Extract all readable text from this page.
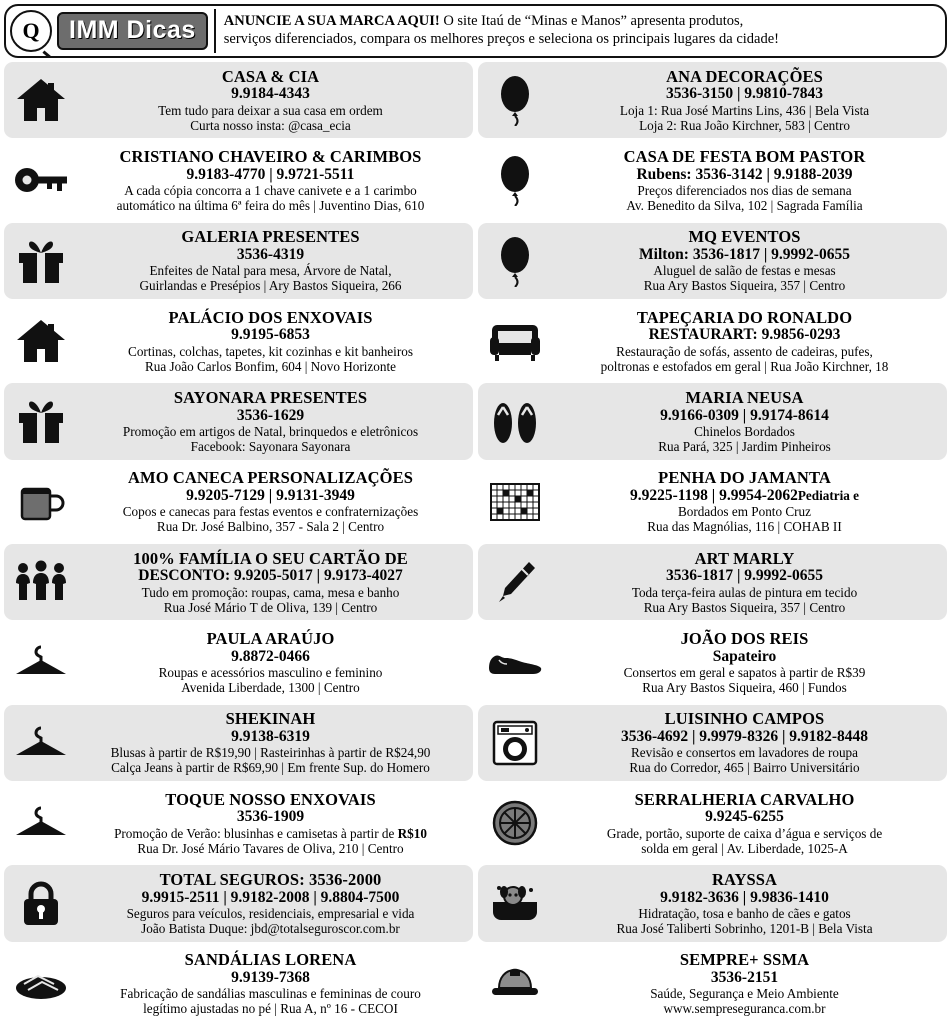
Q	IMM Dicas	ANUNCIE A SUA MARCA AQUI! O site Itaú de “Minas e Manos” apresenta produtos,
serviços diferenciados, compara os melhores preços e seleciona os principais lugares da cidade!
CASA & CIA
9.9184-4343
Tem tudo para deixar a sua casa em ordem
Curta nosso insta: @casa_ecia
ANA DECORAÇÕES
3536-3150 | 9.9810-7843
Loja 1: Rua José Martins Lins, 436 | Bela Vista
Loja 2: Rua João Kirchner, 583 | Centro
CRISTIANO CHAVEIRO & CARIMBOS
9.9183-4770 | 9.9721-5511
A cada cópia concorra a 1 chave canivete e a 1 carimbo
automático na última 6ª feira do mês | Juventino Dias, 610
CASA DE FESTA BOM PASTOR
Rubens: 3536-3142 | 9.9188-2039
Preços diferenciados nos dias de semana
Av. Benedito da Silva, 102 | Sagrada Família
GALERIA PRESENTES
3536-4319
Enfeites de Natal para mesa, Árvore de Natal,
Guirlandas e Presépios | Ary Bastos Siqueira, 266
MQ EVENTOS
Milton: 3536-1817 | 9.9992-0655
Aluguel de salão de festas e mesas
Rua Ary Bastos Siqueira, 357 | Centro
PALÁCIO DOS ENXOVAIS
9.9195-6853
Cortinas, colchas, tapetes, kit cozinhas e kit banheiros
Rua João Carlos Bonfim, 604 | Novo Horizonte
TAPEÇARIA DO RONALDO
RESTAURART: 9.9856-0293
Restauração de sofás, assento de cadeiras, pufes,
poltronas e estofados em geral | Rua João Kirchner, 18
SAYONARA PRESENTES
3536-1629
Promoção em artigos de Natal, brinquedos e eletrônicos
Facebook: Sayonara Sayonara
MARIA NEUSA
9.9166-0309 | 9.9174-8614
Chinelos Bordados
Rua Pará, 325 | Jardim Pinheiros
AMO CANECA PERSONALIZAÇÕES
9.9205-7129 | 9.9131-3949
Copos e canecas para festas eventos e confraternizações
Rua Dr. José Balbino, 357 - Sala 2 | Centro
PENHA DO JAMANTA
9.9225-1198 | 9.9954-2062Pediatria e
Bordados em Ponto Cruz
Rua das Magnólias, 116 | COHAB II
100% FAMÍLIA O SEU CARTÃO DE
DESCONTO: 9.9205-5017 | 9.9173-4027
Tudo em promoção: roupas, cama, mesa e banho
Rua José Mário T de Oliva, 139 | Centro
ART MARLY
3536-1817 | 9.9992-0655
Toda terça-feira aulas de pintura em tecido
Rua Ary Bastos Siqueira, 357 | Centro
PAULA ARAÚJO
9.8872-0466
Roupas e acessórios masculino e feminino
Avenida Liberdade, 1300 | Centro
JOÃO DOS REIS
Sapateiro
Consertos em geral e sapatos à partir de R$39
Rua Ary Bastos Siqueira, 460 | Fundos
SHEKINAH
9.9138-6319
Blusas à partir de R$19,90 | Rasteirinhas à partir de R$24,90
Calça Jeans à partir de R$69,90 | Em frente Sup. do Homero
LUISINHO CAMPOS
3536-4692 | 9.9979-8326 | 9.9182-8448
Revisão e consertos em lavadores de roupa
Rua do Corredor, 465 | Bairro Universitário
TOQUE NOSSO ENXOVAIS
3536-1909
Promoção de Verão: blusinhas e camisetas à partir de R$10
Rua Dr. José Mário Tavares de Oliva, 210 | Centro
SERRALHERIA CARVALHO
9.9245-6255
Grade, portão, suporte de caixa d’água e serviços de
solda em geral | Av. Liberdade, 1025-A
TOTAL SEGUROS: 3536-2000
9.9915-2511 | 9.9182-2008 | 9.8804-7500
Seguros para veículos, residenciais, empresarial e vida
João Batista Duque: jbd@totalseguroscor.com.br
RAYSSA
9.9182-3636 | 9.9836-1410
Hidratação, tosa e banho de cães e gatos
Rua José Taliberti Sobrinho, 1201-B | Bela Vista
SANDÁLIAS LORENA
9.9139-7368
Fabricação de sandálias masculinas e femininas de couro
legítimo ajustadas no pé | Rua A, nº 16 - CECOI
SEMPRE+ SSMA
3536-2151
Saúde, Segurança e Meio Ambiente
www.sempreseguranca.com.br
